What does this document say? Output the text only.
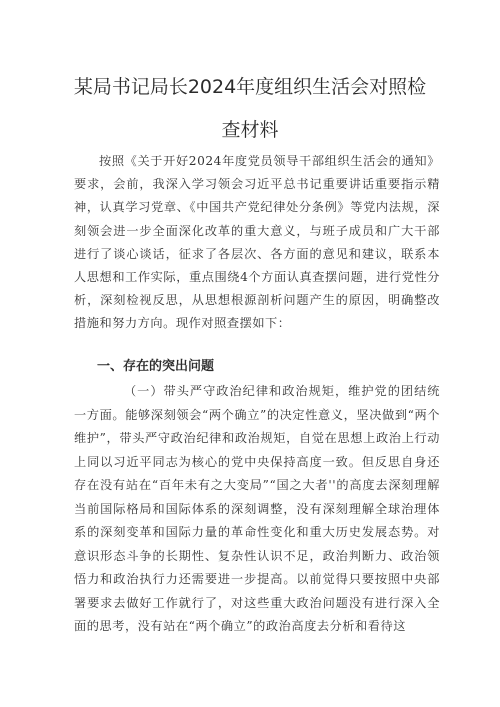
某局书记局长2024年度组织生活会对照检
查材料

按照《关于开好2024年度党员领导干部组织生活会的通知》要求，会前，我深入学习领会习近平总书记重要讲话重要指示精神，认真学习党章、《中国共产党纪律处分条例》等党内法规，深刻领会进一步全面深化改革的重大意义，与班子成员和广大干部进行了谈心谈话，征求了各层次、各方面的意见和建议，联系本人思想和工作实际，重点围绕4个方面认真查摆问题，进行党性分析，深刻检视反思，从思想根源剖析问题产生的原因，明确整改措施和努力方向。现作对照查摆如下：

一、存在的突出问题

（一）带头严守政治纪律和政治规矩，维护党的团结统一方面。能够深刻领会“两个确立”的决定性意义，坚决做到“两个维护”，带头严守政治纪律和政治规矩，自觉在思想上政治上行动上同以习近平同志为核心的党中央保持高度一致。但反思自身还存在没有站在“百年未有之大变局”“国之大者''的高度去深刻理解当前国际格局和国际体系的深刻调整，没有深刻理解全球治理体系的深刻变革和国际力量的革命性变化和重大历史发展态势。对意识形态斗争的长期性、复杂性认识不足，政治判断力、政治领悟力和政治执行力还需要进一步提高。以前觉得只要按照中央部署要求去做好工作就行了，对这些重大政治问题没有进行深入全面的思考，没有站在“两个确立”的政治高度去分析和看待这
